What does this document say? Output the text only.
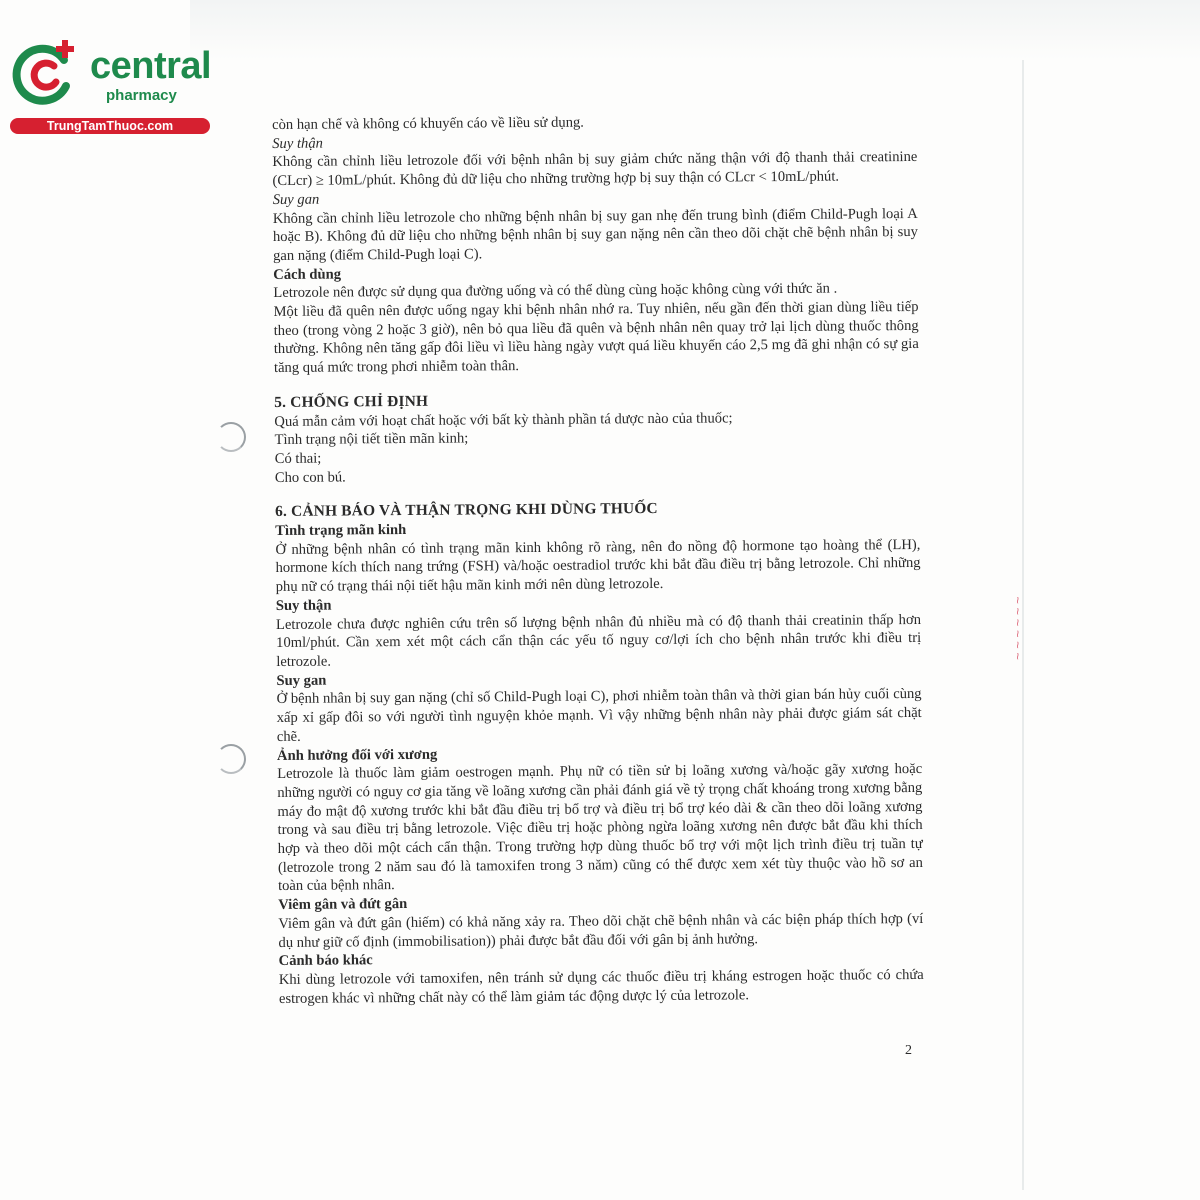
còn hạn chế và không có khuyến cáo về liều sử dụng.

Suy thận

Không cần chỉnh liều letrozole đối với bệnh nhân bị suy giảm chức năng thận với độ thanh thải creatinine (CLcr) ≥ 10mL/phút. Không đủ dữ liệu cho những trường hợp bị suy thận có CLcr < 10mL/phút.

Suy gan

Không cần chỉnh liều letrozole cho những bệnh nhân bị suy gan nhẹ đến trung bình (điểm Child-Pugh loại A hoặc B). Không đủ dữ liệu cho những bệnh nhân bị suy gan nặng nên cần theo dõi chặt chẽ bệnh nhân bị suy gan nặng (điểm Child-Pugh loại C).

Cách dùng

Letrozole nên được sử dụng qua đường uống và có thể dùng cùng hoặc không cùng với thức ăn .

Một liều đã quên nên được uống ngay khi bệnh nhân nhớ ra. Tuy nhiên, nếu gần đến thời gian dùng liều tiếp theo (trong vòng 2 hoặc 3 giờ), nên bỏ qua liều đã quên và bệnh nhân nên quay trở lại lịch dùng thuốc thông thường. Không nên tăng gấp đôi liều vì liều hàng ngày vượt quá liều khuyến cáo 2,5 mg đã ghi nhận có sự gia tăng quá mức trong phơi nhiễm toàn thân.

5. CHỐNG CHỈ ĐỊNH

Quá mẫn cảm với hoạt chất hoặc với bất kỳ thành phần tá dược nào của thuốc;

Tình trạng nội tiết tiền mãn kinh;

Có thai;

Cho con bú.

6. CẢNH BÁO VÀ THẬN TRỌNG KHI DÙNG THUỐC

Tình trạng mãn kinh

Ở những bệnh nhân có tình trạng mãn kinh không rõ ràng, nên đo nồng độ hormone tạo hoàng thể (LH), hormone kích thích nang trứng (FSH) và/hoặc oestradiol trước khi bắt đầu điều trị bằng letrozole. Chỉ những phụ nữ có trạng thái nội tiết hậu mãn kinh mới nên dùng letrozole.

Suy thận

Letrozole chưa được nghiên cứu trên số lượng bệnh nhân đủ nhiều mà có độ thanh thải creatinin thấp hơn 10ml/phút. Cần xem xét một cách cẩn thận các yếu tố nguy cơ/lợi ích cho bệnh nhân trước khi điều trị letrozole.

Suy gan

Ở bệnh nhân bị suy gan nặng (chỉ số Child-Pugh loại C), phơi nhiễm toàn thân và thời gian bán hủy cuối cùng xấp xỉ gấp đôi so với người tình nguyện khỏe mạnh. Vì vậy những bệnh nhân này phải được giám sát chặt chẽ.

Ảnh hưởng đối với xương

Letrozole là thuốc làm giảm oestrogen mạnh. Phụ nữ có tiền sử bị loãng xương và/hoặc gãy xương hoặc những người có nguy cơ gia tăng về loãng xương cần phải đánh giá về tỷ trọng chất khoáng trong xương bằng máy đo mật độ xương trước khi bắt đầu điều trị bổ trợ và điều trị bổ trợ kéo dài & cần theo dõi loãng xương trong và sau điều trị bằng letrozole. Việc điều trị hoặc phòng ngừa loãng xương nên được bắt đầu khi thích hợp và theo dõi một cách cẩn thận. Trong trường hợp dùng thuốc bổ trợ với một lịch trình điều trị tuần tự (letrozole trong 2 năm sau đó là tamoxifen trong 3 năm) cũng có thể được xem xét tùy thuộc vào hồ sơ an toàn của bệnh nhân.

Viêm gân và đứt gân

Viêm gân và đứt gân (hiếm) có khả năng xảy ra. Theo dõi chặt chẽ bệnh nhân và các biện pháp thích hợp (ví dụ như giữ cố định (immobilisation)) phải được bắt đầu đối với gân bị ảnh hưởng.

Cảnh báo khác

Khi dùng letrozole với tamoxifen, nên tránh sử dụng các thuốc điều trị kháng estrogen hoặc thuốc có chứa estrogen khác vì những chất này có thể làm giảm tác động dược lý của letrozole.

2
~ ~ ~ ~ ~ ~
central
pharmacy
TrungTamThuoc.com
